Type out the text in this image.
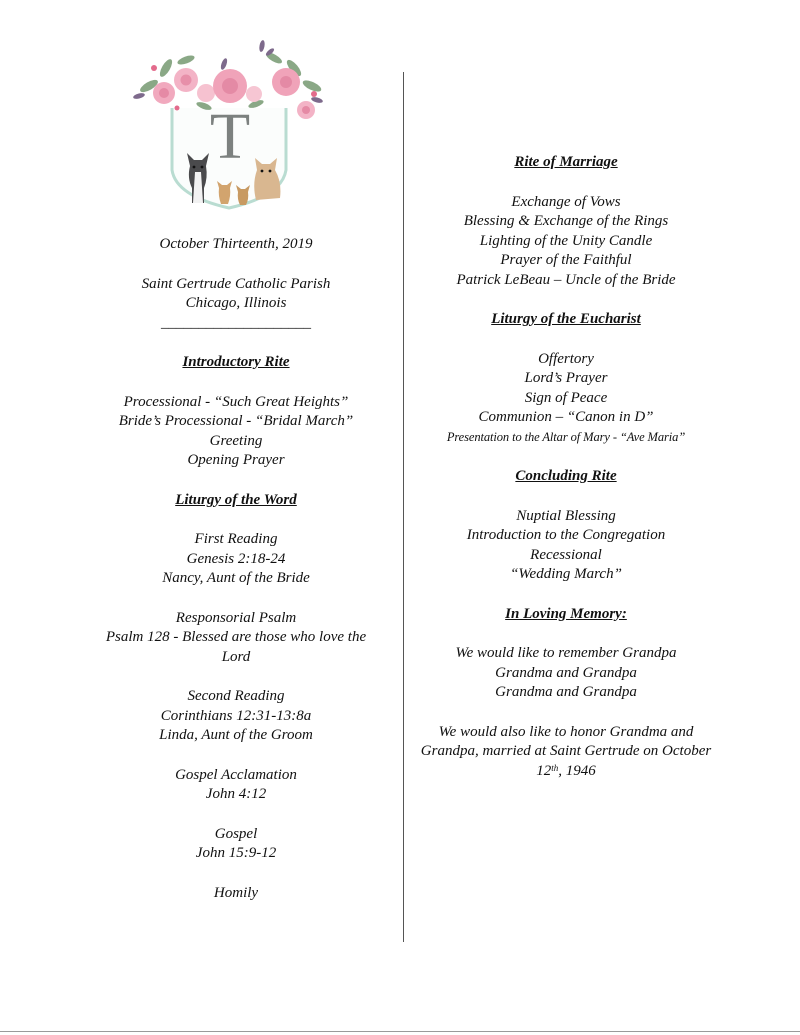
T
October Thirteenth, 2019
Saint Gertrude Catholic Parish
Chicago, Illinois
____________________
Introductory Rite
Processional - “Such Great Heights”
Bride’s Processional - “Bridal March”
Greeting
Opening Prayer
Liturgy of the Word
First Reading
Genesis 2:18-24
Nancy, Aunt of the Bride
Responsorial Psalm
Psalm 128 - Blessed are those who love the Lord
Second Reading
Corinthians 12:31-13:8a
Linda, Aunt of the Groom
Gospel Acclamation
John 4:12
Gospel
John 15:9-12
Homily
Rite of Marriage
Exchange of Vows
Blessing & Exchange of the Rings
Lighting of the Unity Candle
Prayer of the Faithful
Patrick LeBeau – Uncle of the Bride
Liturgy of the Eucharist
Offertory
Lord’s Prayer
Sign of Peace
Communion – “Canon in D”
Presentation to the Altar of Mary - “Ave Maria”
Concluding Rite
Nuptial Blessing
Introduction to the Congregation
Recessional
“Wedding March”
In Loving Memory:
We would like to remember Grandpa
Grandma and Grandpa
Grandma and Grandpa
We would also like to honor Grandma and Grandpa, married at Saint Gertrude on October 12th, 1946
